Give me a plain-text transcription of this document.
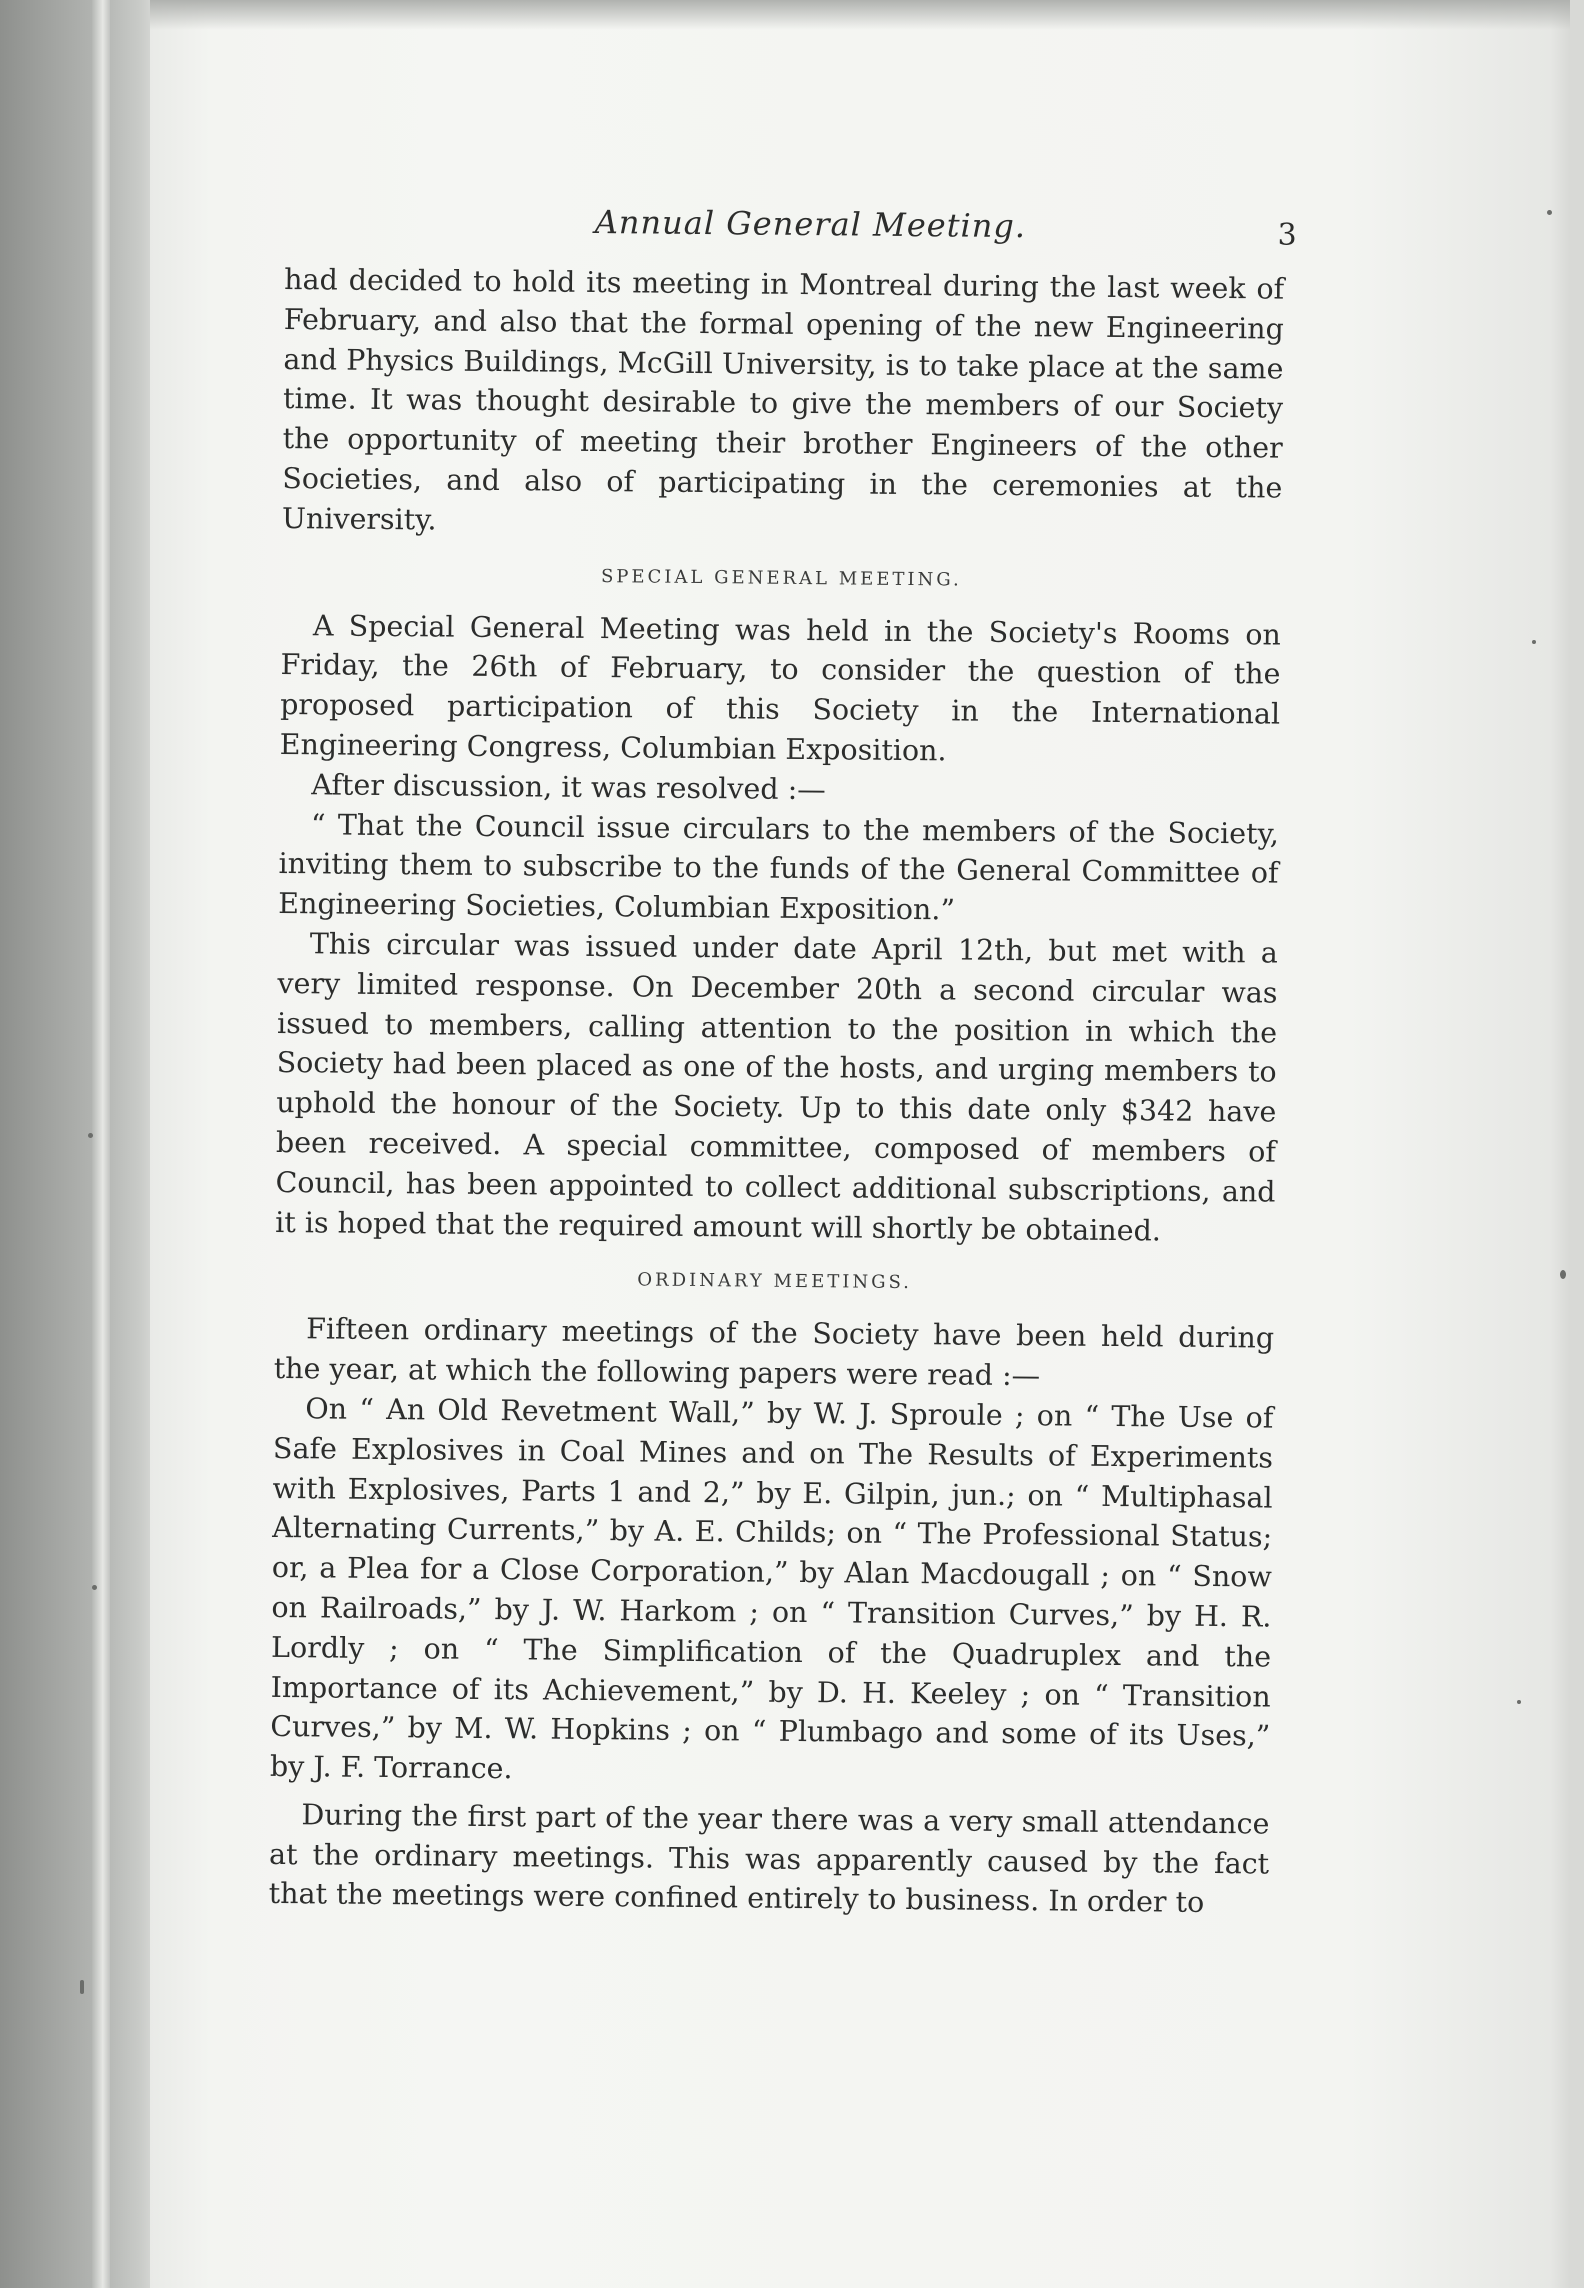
Annual General Meeting.	3

had decided to hold its meeting in Montreal during the last week of February, and also that the formal opening of the new Engineering and Physics Buildings, McGill University, is to take place at the same time. It was thought desirable to give the members of our Society the opportunity of meeting their brother Engineers of the other Societies, and also of participating in the ceremonies at the University.

SPECIAL GENERAL MEETING.

A Special General Meeting was held in the Society's Rooms on Friday, the 26th of February, to consider the question of the proposed participation of this Society in the International Engineering Congress, Columbian Exposition.

After discussion, it was resolved :—

“ That the Council issue circulars to the members of the Society, inviting them to subscribe to the funds of the General Committee of Engineering Societies, Columbian Exposition.”

This circular was issued under date April 12th, but met with a very limited response. On December 20th a second circular was issued to members, calling attention to the position in which the Society had been placed as one of the hosts, and urging members to uphold the honour of the Society. Up to this date only $342 have been received. A special committee, composed of members of Council, has been appointed to collect additional subscriptions, and it is hoped that the required amount will shortly be obtained.

ORDINARY MEETINGS.

Fifteen ordinary meetings of the Society have been held during the year, at which the following papers were read :—

On “ An Old Revetment Wall,” by W. J. Sproule ; on “ The Use of Safe Explosives in Coal Mines and on The Results of Experiments with Explosives, Parts 1 and 2,” by E. Gilpin, jun.; on “ Multiphasal Alternating Currents,” by A. E. Childs; on “ The Professional Status; or, a Plea for a Close Corporation,” by Alan Macdougall ; on “ Snow on Railroads,” by J. W. Harkom ; on “ Transition Curves,” by H. R. Lordly ; on “ The Simplification of the Quadruplex and the Importance of its Achievement,” by D. H. Keeley ; on “ Transition Curves,” by M. W. Hopkins ; on “ Plumbago and some of its Uses,” by J. F. Torrance.

During the first part of the year there was a very small attendance at the ordinary meetings. This was apparently caused by the fact that the meetings were confined entirely to business. In order to
